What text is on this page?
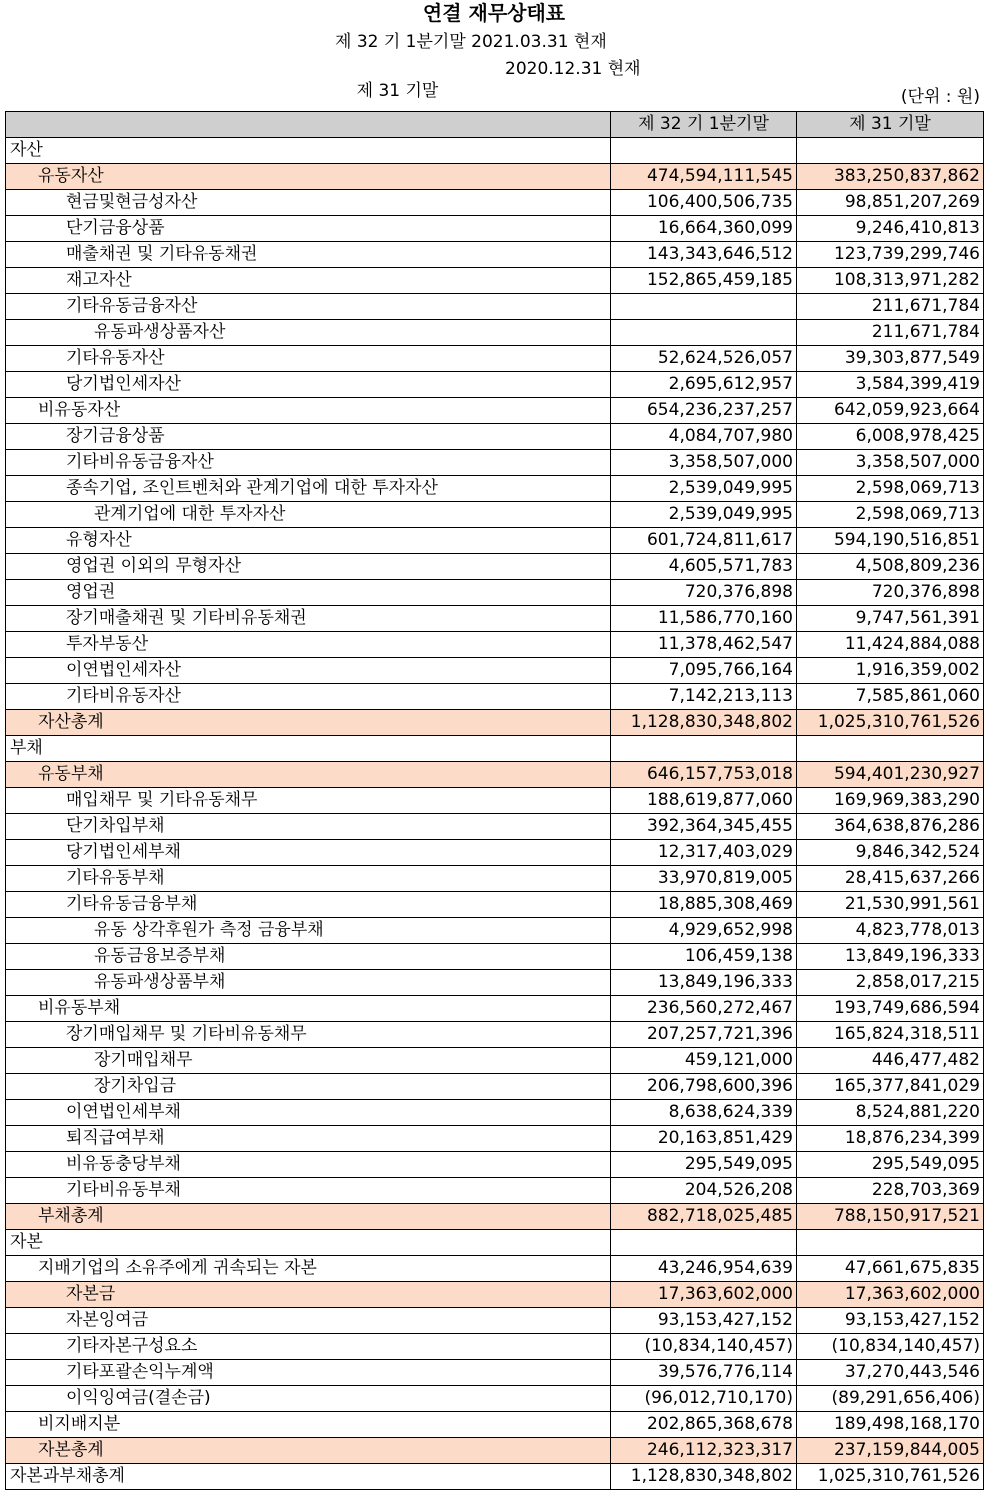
연결 재무상태표
제 32 기 1분기말 2021.03.31 현재

제 31 기말

2020.12.31 현재

(단위 : 원)
	제 32 기 1분기말	제 31 기말
자산		
유동자산	474,594,111,545	383,250,837,862
현금및현금성자산	106,400,506,735	98,851,207,269
단기금융상품	16,664,360,099	9,246,410,813
매출채권 및 기타유동채권	143,343,646,512	123,739,299,746
재고자산	152,865,459,185	108,313,971,282
기타유동금융자산		211,671,784
유동파생상품자산		211,671,784
기타유동자산	52,624,526,057	39,303,877,549
당기법인세자산	2,695,612,957	3,584,399,419
비유동자산	654,236,237,257	642,059,923,664
장기금융상품	4,084,707,980	6,008,978,425
기타비유동금융자산	3,358,507,000	3,358,507,000
종속기업, 조인트벤처와 관계기업에 대한 투자자산	2,539,049,995	2,598,069,713
관계기업에 대한 투자자산	2,539,049,995	2,598,069,713
유형자산	601,724,811,617	594,190,516,851
영업권 이외의 무형자산	4,605,571,783	4,508,809,236
영업권	720,376,898	720,376,898
장기매출채권 및 기타비유동채권	11,586,770,160	9,747,561,391
투자부동산	11,378,462,547	11,424,884,088
이연법인세자산	7,095,766,164	1,916,359,002
기타비유동자산	7,142,213,113	7,585,861,060
자산총계	1,128,830,348,802	1,025,310,761,526
부채		
유동부채	646,157,753,018	594,401,230,927
매입채무 및 기타유동채무	188,619,877,060	169,969,383,290
단기차입부채	392,364,345,455	364,638,876,286
당기법인세부채	12,317,403,029	9,846,342,524
기타유동부채	33,970,819,005	28,415,637,266
기타유동금융부채	18,885,308,469	21,530,991,561
유동 상각후원가 측정 금융부채	4,929,652,998	4,823,778,013
유동금융보증부채	106,459,138	13,849,196,333
유동파생상품부채	13,849,196,333	2,858,017,215
비유동부채	236,560,272,467	193,749,686,594
장기매입채무 및 기타비유동채무	207,257,721,396	165,824,318,511
장기매입채무	459,121,000	446,477,482
장기차입금	206,798,600,396	165,377,841,029
이연법인세부채	8,638,624,339	8,524,881,220
퇴직급여부채	20,163,851,429	18,876,234,399
비유동충당부채	295,549,095	295,549,095
기타비유동부채	204,526,208	228,703,369
부채총계	882,718,025,485	788,150,917,521
자본		
지배기업의 소유주에게 귀속되는 자본	43,246,954,639	47,661,675,835
자본금	17,363,602,000	17,363,602,000
자본잉여금	93,153,427,152	93,153,427,152
기타자본구성요소	(10,834,140,457)	(10,834,140,457)
기타포괄손익누계액	39,576,776,114	37,270,443,546
이익잉여금(결손금)	(96,012,710,170)	(89,291,656,406)
비지배지분	202,865,368,678	189,498,168,170
자본총계	246,112,323,317	237,159,844,005
자본과부채총계	1,128,830,348,802	1,025,310,761,526
